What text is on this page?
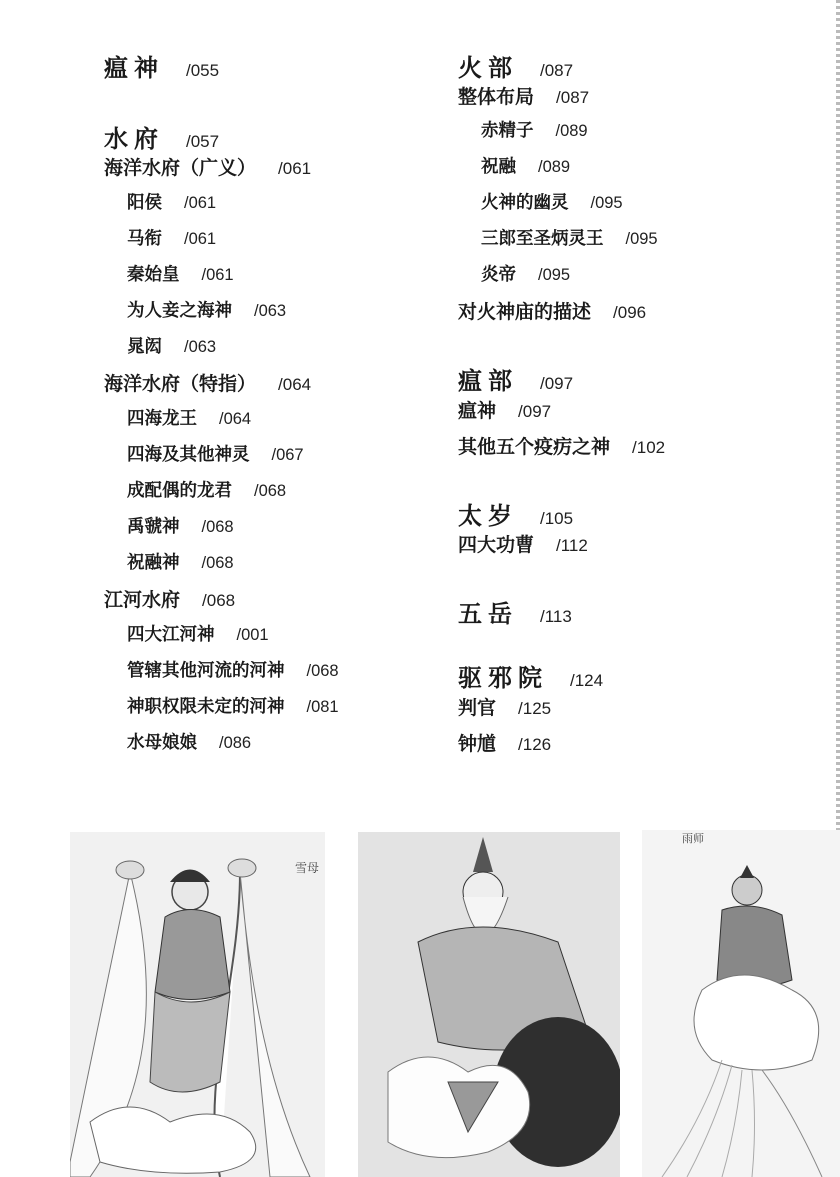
瘟神 /055
水府 /057
海洋水府（广义） /061
阳侯 /061
马衔 /061
秦始皇 /061
为人妾之海神 /063
晁闳 /063
海洋水府（特指） /064
四海龙王 /064
四海及其他神灵 /067
成配偶的龙君 /068
禹虢神 /068
祝融神 /068
江河水府 /068
四大江河神 /001
管辖其他河流的河神 /068
神职权限未定的河神 /081
水母娘娘 /086
火部 /087
整体布局 /087
赤精子 /089
祝融 /089
火神的幽灵 /095
三郎至圣炳灵王 /095
炎帝 /095
对火神庙的描述 /096
瘟部 /097
瘟神 /097
其他五个疫疠之神 /102
太岁 /105
四大功曹 /112
五岳 /113
驱邪院 /124
判官 /125
钟馗 /126
雪母
雨师
